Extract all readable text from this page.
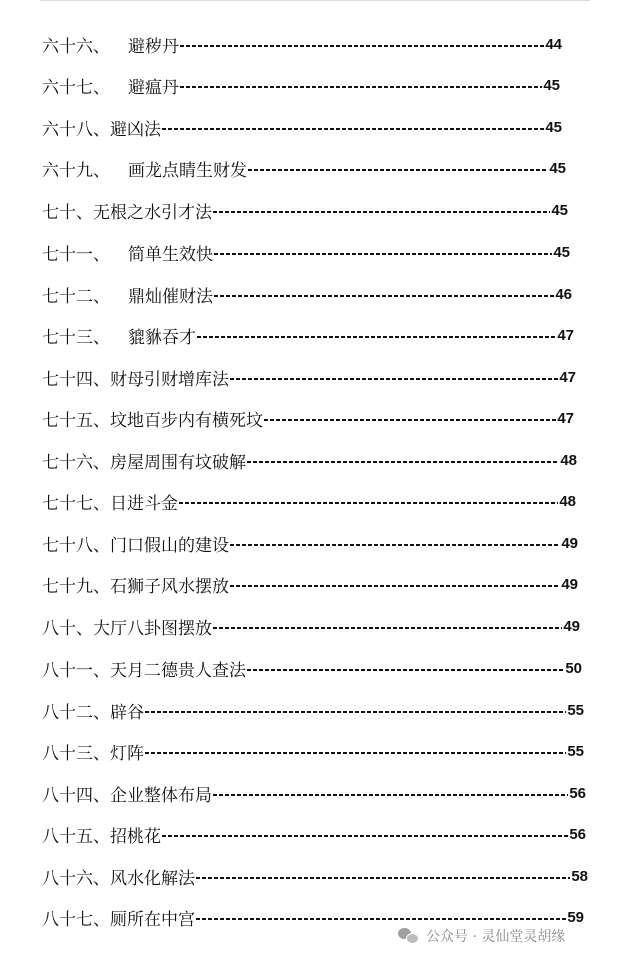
六十六、 避秽丹	44
六十七、 避瘟丹	45
六十八、 避凶法	45
六十九、 画龙点睛生财发	45
七十、 无根之水引才法	45
七十一、 简单生效快	45
七十二、 鼎灿催财法	46
七十三、 貔貅吞才	47
七十四、 财母引财增库法	47
七十五、 坟地百步内有横死坟	47
七十六、 房屋周围有坟破解	48
七十七、 日进斗金	48
七十八、 门口假山的建设	49
七十九、 石狮子风水摆放	49
八十、 大厅八卦图摆放	49
八十一、 天月二德贵人查法	50
八十二、 辟谷	55
八十三、 灯阵	55
八十四、 企业整体布局	56
八十五、 招桃花	56
八十六、 风水化解法	58
八十七、 厕所在中宫	59
公众号 · 灵仙堂灵胡缘
